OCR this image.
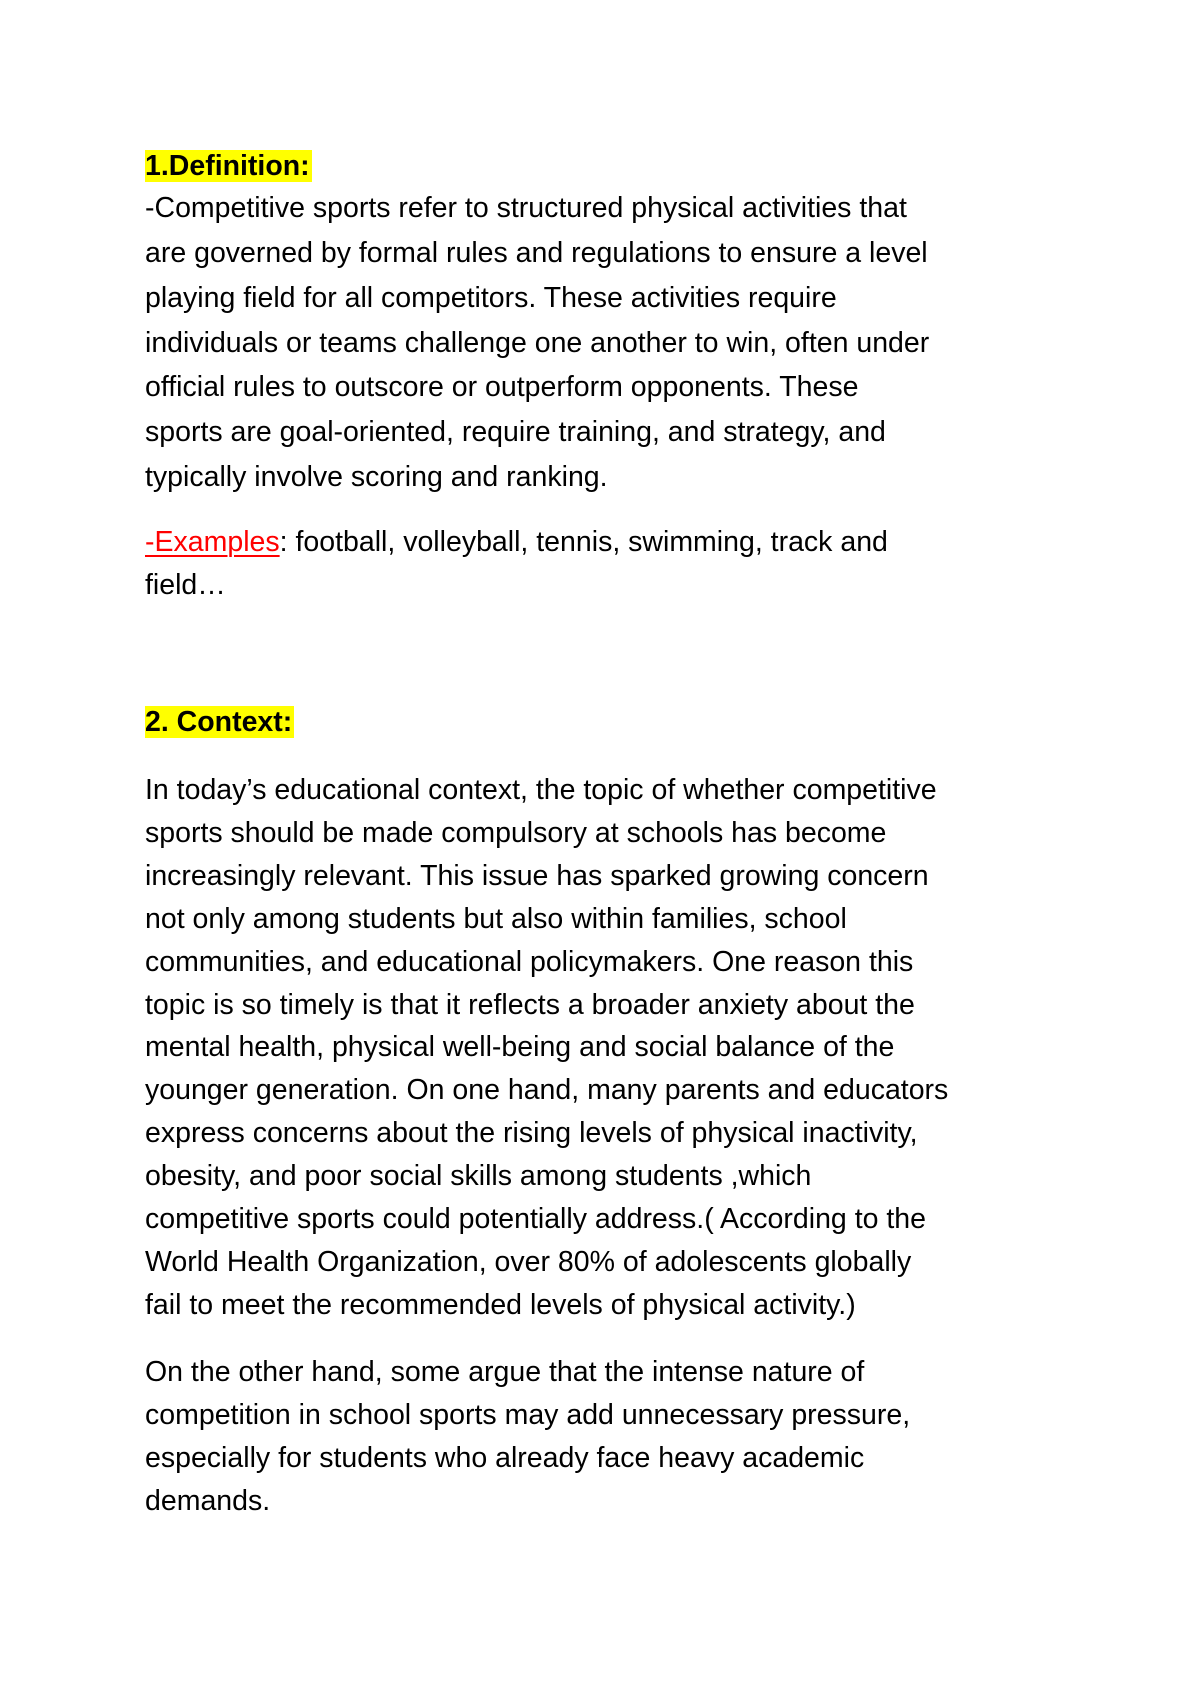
1.Definition:
-Competitive sports refer to structured physical activities that
are governed by formal rules and regulations to ensure a level
playing field for all competitors. These activities require
individuals or teams challenge one another to win, often under
official rules to outscore or outperform opponents. These
sports are goal-oriented, require training, and strategy, and
typically involve scoring and ranking.
-Examples: football, volleyball, tennis, swimming, track and
field…
2. Context:
In today’s educational context, the topic of whether competitive
sports should be made compulsory at schools has become
increasingly relevant. This issue has sparked growing concern
not only among students but also within families, school
communities, and educational policymakers. One reason this
topic is so timely is that it reflects a broader anxiety about the
mental health, physical well-being and social balance of the
younger generation. On one hand, many parents and educators
express concerns about the rising levels of physical inactivity,
obesity, and poor social skills among students ,which
competitive sports could potentially address.( According to the
World Health Organization, over 80% of adolescents globally
fail to meet the recommended levels of physical activity.)
On the other hand, some argue that the intense nature of
competition in school sports may add unnecessary pressure,
especially for students who already face heavy academic
demands.
